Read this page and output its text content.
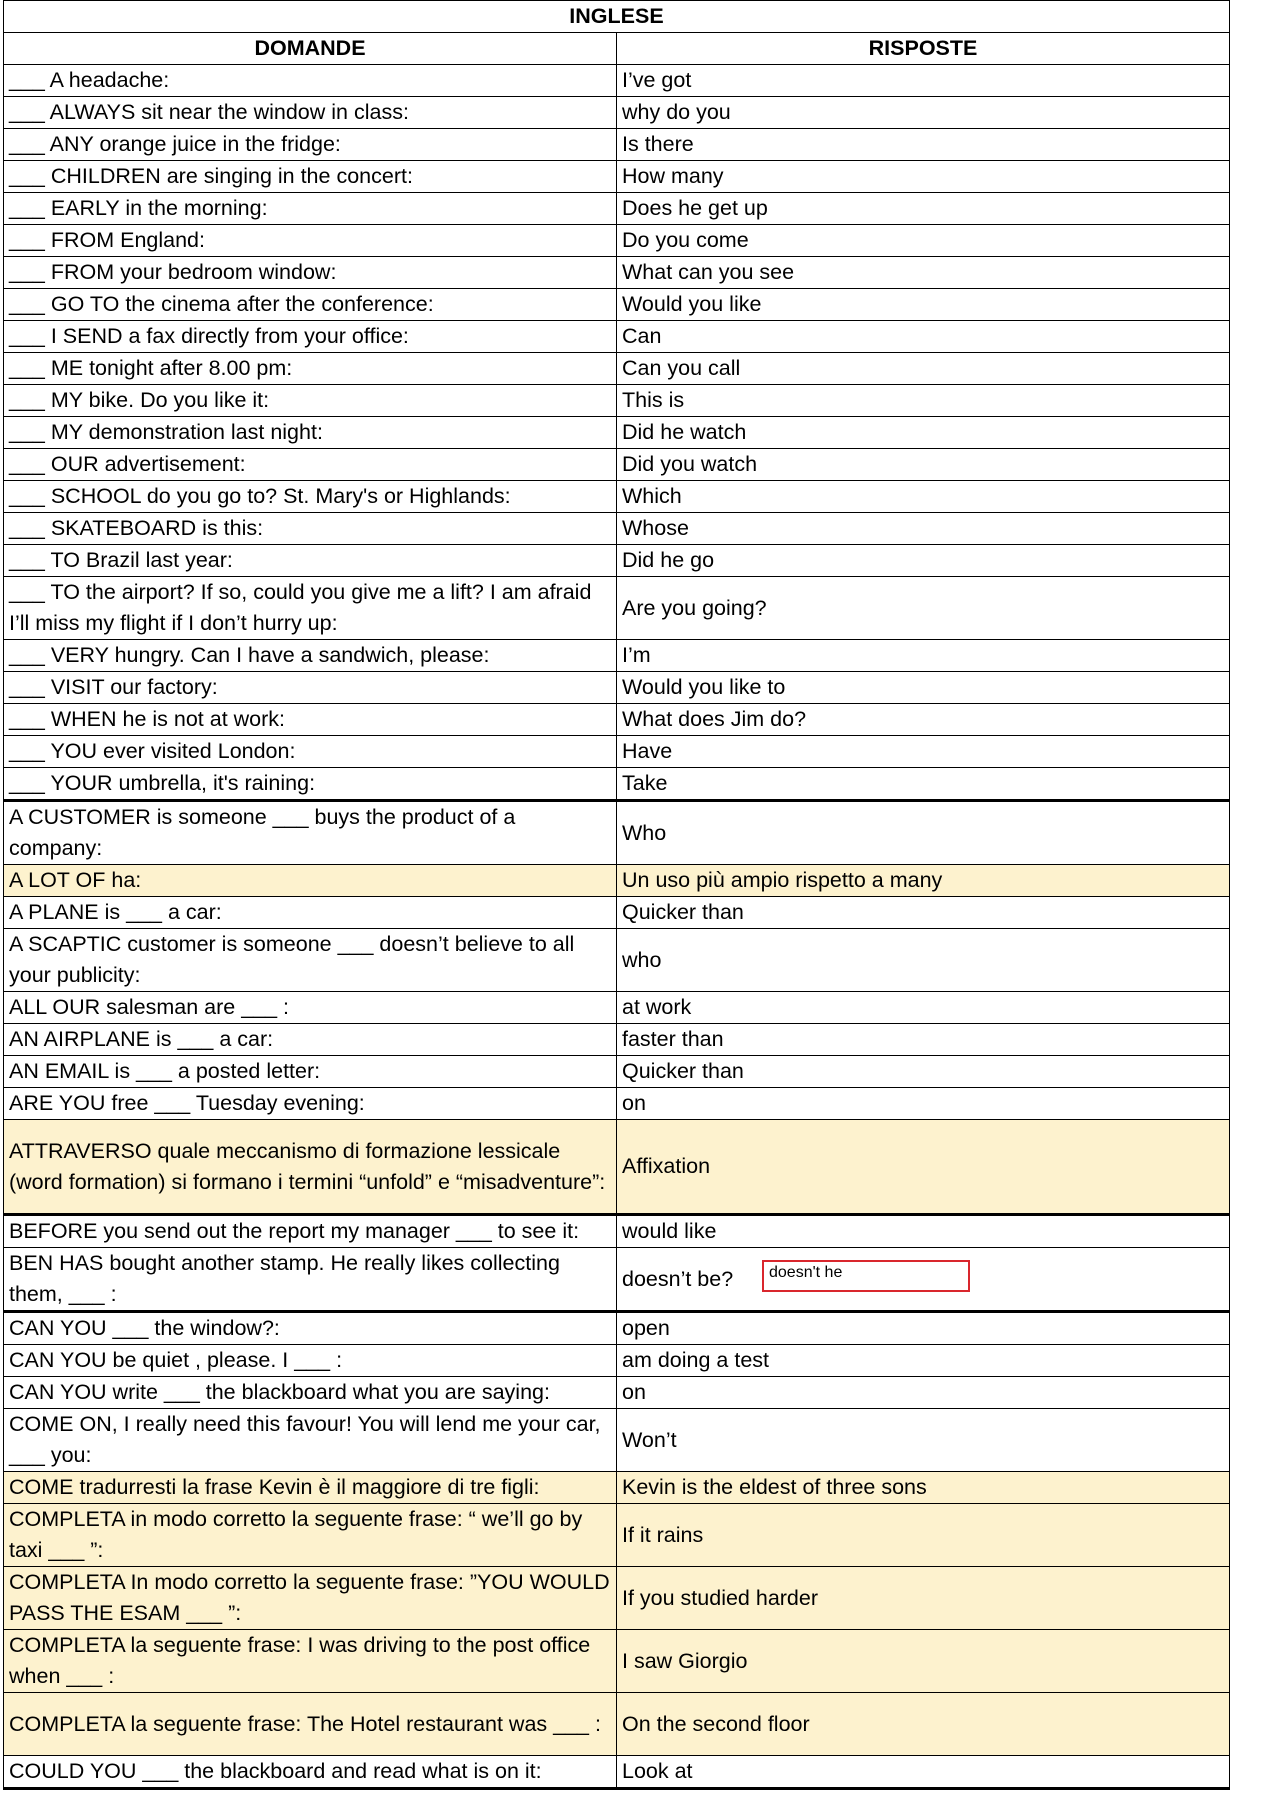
INGLESE	
DOMANDE	RISPOSTE
___ A headache:	I’ve got
___ ALWAYS sit near the window in class:	why do you
___ ANY orange juice in the fridge:	Is there
___ CHILDREN are singing in the concert:	How many
___ EARLY in the morning:	Does he get up
___ FROM England:	Do you come
___ FROM your bedroom window:	What can you see
___ GO TO the cinema after the conference:	Would you like
___ I SEND a fax directly from your office:	Can
___ ME tonight after 8.00 pm:	Can you call
___ MY bike. Do you like it:	This is
___ MY demonstration last night:	Did he watch
___ OUR advertisement:	Did you watch
___ SCHOOL do you go to? St. Mary's or Highlands:	Which
___ SKATEBOARD is this:	Whose
___ TO Brazil last year:	Did he go
___ TO the airport? If so, could you give me a lift? I am afraid I’ll miss my flight if I don’t hurry up:	Are you going?
___ VERY hungry. Can I have a sandwich, please:	I’m
___ VISIT our factory:	Would you like to
___ WHEN he is not at work:	What does Jim do?
___ YOU ever visited London:	Have
___ YOUR umbrella, it's raining:	Take
A CUSTOMER is someone ___ buys the product of a company:	Who
A LOT OF ha:	Un uso più ampio rispetto a many
A PLANE is ___ a car:	Quicker than
A SCAPTIC customer is someone ___ doesn’t believe to all your publicity:	who
ALL OUR salesman are ___ :	at work
AN AIRPLANE is ___ a car:	faster than
AN EMAIL is ___ a posted letter:	Quicker than
ARE YOU free ___ Tuesday evening:	on
ATTRAVERSO quale meccanismo di formazione lessicale (word formation) si formano i termini “unfold” e “misadventure”:	Affixation
BEFORE you send out the report my manager ___ to see it:	would like
BEN HAS bought another stamp. He really likes collecting them, ___ :	doesn’t be? doesn't he

CAN YOU ___ the window?:	open
CAN YOU be quiet , please. I ___ :	am doing a test
CAN YOU write ___ the blackboard what you are saying:	on
COME ON, I really need this favour! You will lend me your car, ___ you:	Won’t
COME tradurresti la frase Kevin è il maggiore di tre figli:	Kevin is the eldest of three sons
COMPLETA in modo corretto la seguente frase: “ we’ll go by taxi ___ ”:	If it rains
COMPLETA In modo corretto la seguente frase: ”YOU WOULD PASS THE ESAM ___ ”:	If you studied harder
COMPLETA la seguente frase: I was driving to the post office when ___ :	I saw Giorgio
COMPLETA la seguente frase: The Hotel restaurant was ___ :	On the second floor
COULD YOU ___ the blackboard and read what is on it:	Look at
